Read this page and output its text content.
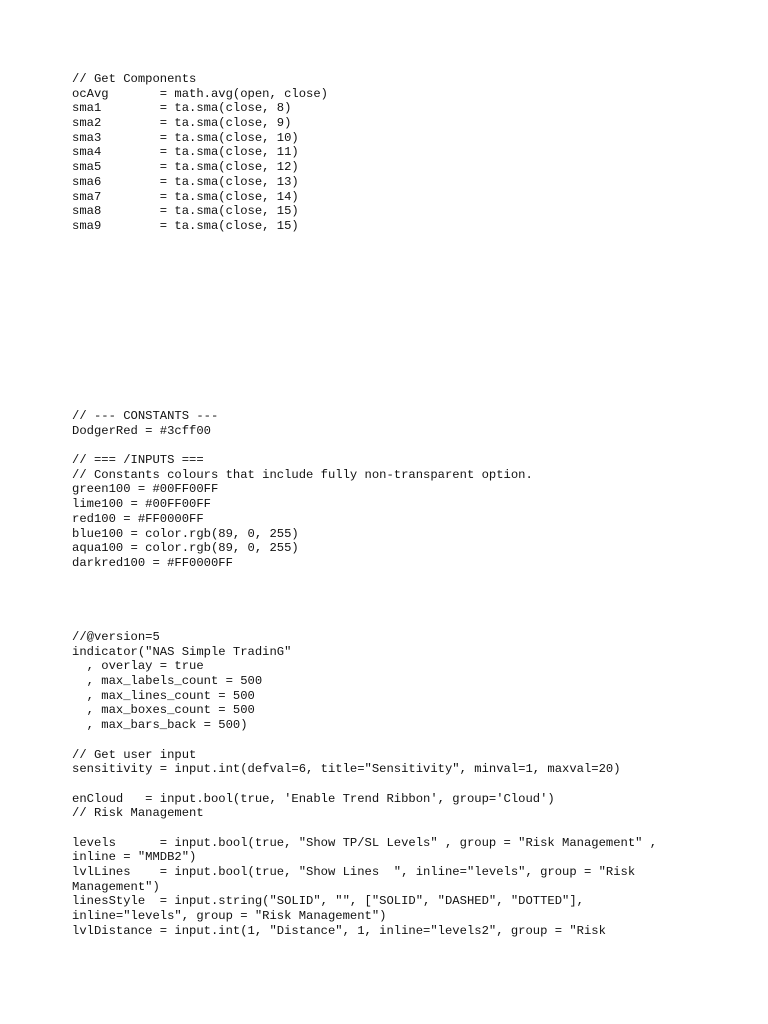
// Get Components
ocAvg       = math.avg(open, close)
sma1        = ta.sma(close, 8)
sma2        = ta.sma(close, 9)
sma3        = ta.sma(close, 10)
sma4        = ta.sma(close, 11)
sma5        = ta.sma(close, 12)
sma6        = ta.sma(close, 13)
sma7        = ta.sma(close, 14)
sma8        = ta.sma(close, 15)
sma9        = ta.sma(close, 15)
// --- CONSTANTS ---
DodgerRed = #3cff00
// === /INPUTS ===
// Constants colours that include fully non-transparent option.
green100 = #00FF00FF
lime100 = #00FF00FF
red100 = #FF0000FF
blue100 = color.rgb(89, 0, 255)
aqua100 = color.rgb(89, 0, 255)
darkred100 = #FF0000FF
//@version=5
indicator("NAS Simple TradinG"
, overlay = true
, max_labels_count = 500
, max_lines_count = 500
, max_boxes_count = 500
, max_bars_back = 500)
// Get user input
sensitivity = input.int(defval=6, title="Sensitivity", minval=1, maxval=20)
enCloud   = input.bool(true, 'Enable Trend Ribbon', group='Cloud')
// Risk Management
levels      = input.bool(true, "Show TP/SL Levels" , group = "Risk Management" ,
inline = "MMDB2")
lvlLines    = input.bool(true, "Show Lines  ", inline="levels", group = "Risk
Management")
linesStyle  = input.string("SOLID", "", ["SOLID", "DASHED", "DOTTED"],
inline="levels", group = "Risk Management")
lvlDistance = input.int(1, "Distance", 1, inline="levels2", group = "Risk
